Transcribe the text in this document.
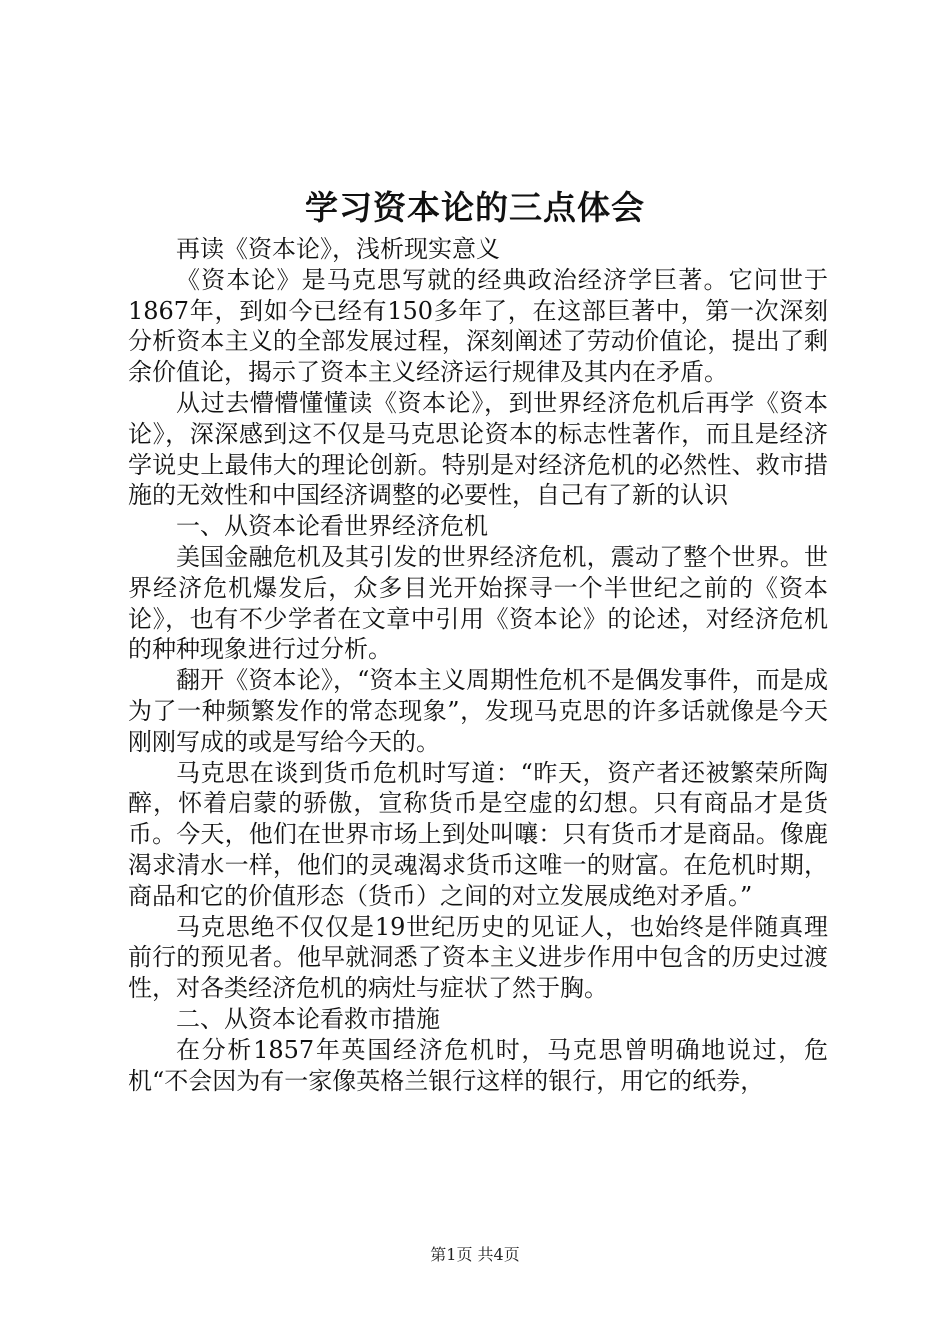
学习资本论的三点体会

再读《资本论》，浅析现实意义

《资本论》是马克思写就的经典政治经济学巨著。它问世于1867年，到如今已经有150多年了，在这部巨著中，第一次深刻分析资本主义的全部发展过程，深刻阐述了劳动价值论，提出了剩余价值论，揭示了资本主义经济运行规律及其内在矛盾。

从过去懵懵懂懂读《资本论》，到世界经济危机后再学《资本论》，深深感到这不仅是马克思论资本的标志性著作，而且是经济学说史上最伟大的理论创新。特别是对经济危机的必然性、救市措施的无效性和中国经济调整的必要性，自己有了新的认识

一、从资本论看世界经济危机

美国金融危机及其引发的世界经济危机，震动了整个世界。世界经济危机爆发后，众多目光开始探寻一个半世纪之前的《资本论》，也有不少学者在文章中引用《资本论》的论述，对经济危机的种种现象进行过分析。

翻开《资本论》，“资本主义周期性危机不是偶发事件，而是成为了一种频繁发作的常态现象”，发现马克思的许多话就像是今天刚刚写成的或是写给今天的。

马克思在谈到货币危机时写道：“昨天，资产者还被繁荣所陶醉，怀着启蒙的骄傲，宣称货币是空虚的幻想。只有商品才是货币。今天，他们在世界市场上到处叫嚷：只有货币才是商品。像鹿渴求清水一样，他们的灵魂渴求货币这唯一的财富。在危机时期，商品和它的价值形态（货币）之间的对立发展成绝对矛盾。”

马克思绝不仅仅是19世纪历史的见证人，也始终是伴随真理前行的预见者。他早就洞悉了资本主义进步作用中包含的历史过渡性，对各类经济危机的病灶与症状了然于胸。

二、从资本论看救市措施

在分析1857年英国经济危机时，马克思曾明确地说过，危机“不会因为有一家像英格兰银行这样的银行，用它的纸券，

第1页 共4页
